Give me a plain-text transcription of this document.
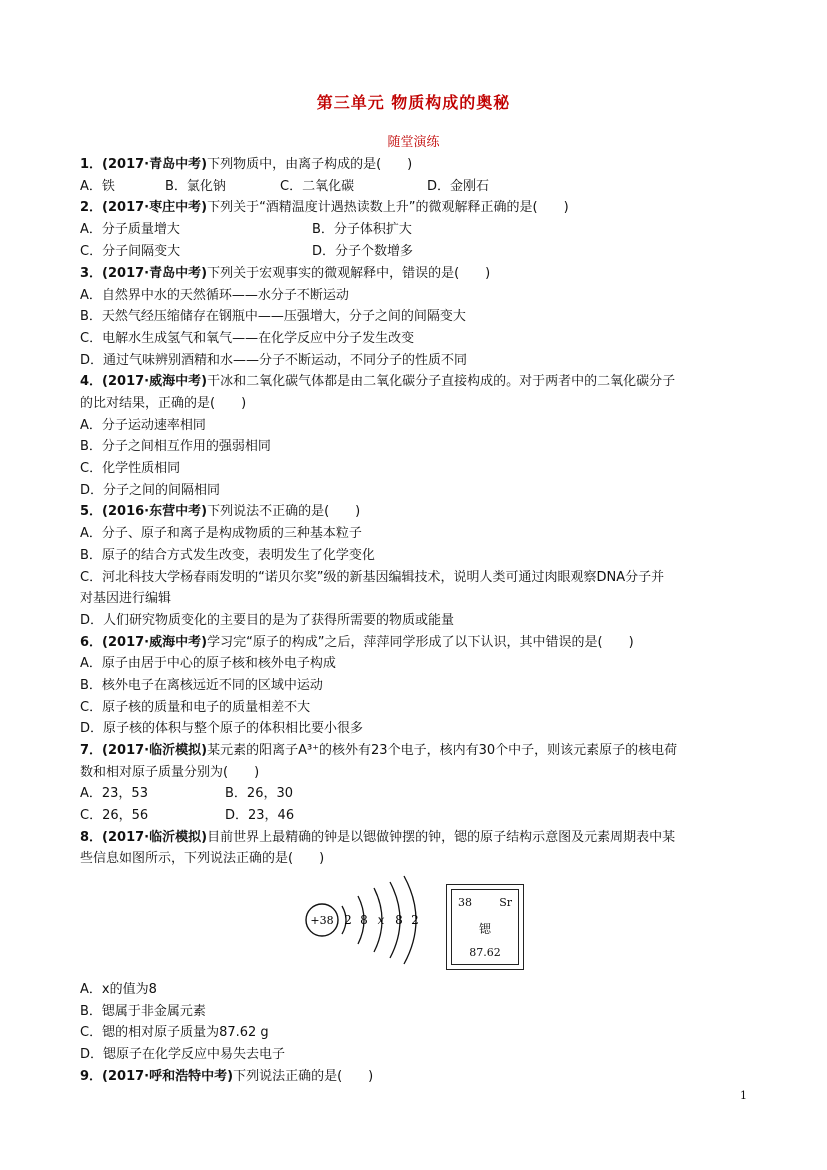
第三单元 物质构成的奥秘
随堂演练
1．(2017·青岛中考)下列物质中，由离子构成的是(　　)
A．铁	B．氯化钠	C．二氧化碳	D．金刚石
2．(2017·枣庄中考)下列关于“酒精温度计遇热读数上升”的微观解释正确的是(　　)
A．分子质量增大	B．分子体积扩大
C．分子间隔变大	D．分子个数增多
3．(2017·青岛中考)下列关于宏观事实的微观解释中，错误的是(　　)
A．自然界中水的天然循环——水分子不断运动
B．天然气经压缩储存在钢瓶中——压强增大，分子之间的间隔变大
C．电解水生成氢气和氧气——在化学反应中分子发生改变
D．通过气味辨别酒精和水——分子不断运动，不同分子的性质不同
4．(2017·威海中考)干冰和二氧化碳气体都是由二氧化碳分子直接构成的。对于两者中的二氧化碳分子
的比对结果，正确的是(　　)
A．分子运动速率相同
B．分子之间相互作用的强弱相同
C．化学性质相同
D．分子之间的间隔相同
5．(2016·东营中考)下列说法不正确的是(　　)
A．分子、原子和离子是构成物质的三种基本粒子
B．原子的结合方式发生改变，表明发生了化学变化
C．河北科技大学杨春雨发明的“诺贝尔奖”级的新基因编辑技术，说明人类可通过肉眼观察DNA分子并
对基因进行编辑
D．人们研究物质变化的主要目的是为了获得所需要的物质或能量
6．(2017·威海中考)学习完“原子的构成”之后，萍萍同学形成了以下认识，其中错误的是(　　)
A．原子由居于中心的原子核和核外电子构成
B．核外电子在离核远近不同的区域中运动
C．原子核的质量和电子的质量相差不大
D．原子核的体积与整个原子的体积相比要小很多
7．(2017·临沂模拟)某元素的阳离子A³⁺的核外有23个电子，核内有30个中子，则该元素原子的核电荷
数和相对原子质量分别为(　　)
A．23，53	B．26，30
C．26，56	D．23，46
8．(2017·临沂模拟)目前世界上最精确的钟是以锶做钟摆的钟，锶的原子结构示意图及元素周期表中某
些信息如图所示，下列说法正确的是(　　)
+38 2 8 x 8 2
38 Sr
锶
87.62
A．x的值为8
B．锶属于非金属元素
C．锶的相对原子质量为87.62 g
D．锶原子在化学反应中易失去电子
9．(2017·呼和浩特中考)下列说法正确的是(　　)
1
